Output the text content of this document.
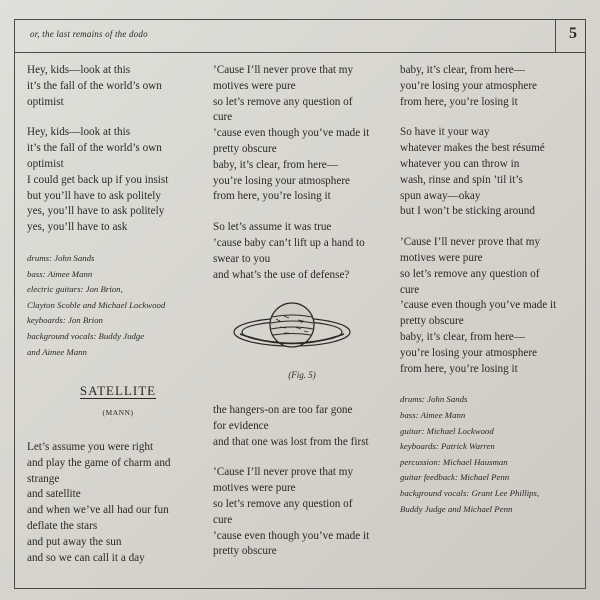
or, the last remains of the dodo	5
Hey, kids—look at this
it’s the fall of the world’s own
optimist
Hey, kids—look at this
it’s the fall of the world’s own
optimist
I could get back up if you insist
but you’ll have to ask politely
yes, you’ll have to ask politely
yes, you’ll have to ask
drums: John Sands
bass: Aimee Mann
electric guitars: Jon Brion,
Clayton Scoble and Michael Lockwood
keyboards: Jon Brion
background vocals: Buddy Judge
and Aimee Mann
SATELLITE
(MANN)
Let’s assume you were right
and play the game of charm and
strange
and satellite
and when we’ve all had our fun
deflate the stars
and put away the sun
and so we can call it a day
’Cause I’ll never prove that my
motives were pure
so let’s remove any question of
cure
’cause even though you’ve made it
pretty obscure
baby, it’s clear, from here—
you’re losing your atmosphere
from here, you’re losing it
So let’s assume it was true
’cause baby can’t lift up a hand to
swear to you
and what’s the use of defense?
(Fig. 5)
the hangers-on are too far gone
for evidence
and that one was lost from the first
’Cause I’ll never prove that my
motives were pure
so let’s remove any question of
cure
’cause even though you’ve made it
pretty obscure
baby, it’s clear, from here—
you’re losing your atmosphere
from here, you’re losing it
So have it your way
whatever makes the best résumé
whatever you can throw in
wash, rinse and spin ’til it’s
spun away—okay
but I won’t be sticking around
’Cause I’ll never prove that my
motives were pure
so let’s remove any question of
cure
’cause even though you’ve made it
pretty obscure
baby, it’s clear, from here—
you’re losing your atmosphere
from here, you’re losing it
drums: John Sands
bass: Aimee Mann
guitar: Michael Lockwood
keyboards: Patrick Warren
percussion: Michael Hausman
guitar feedback: Michael Penn
background vocals: Grant Lee Phillips,
Buddy Judge and Michael Penn
